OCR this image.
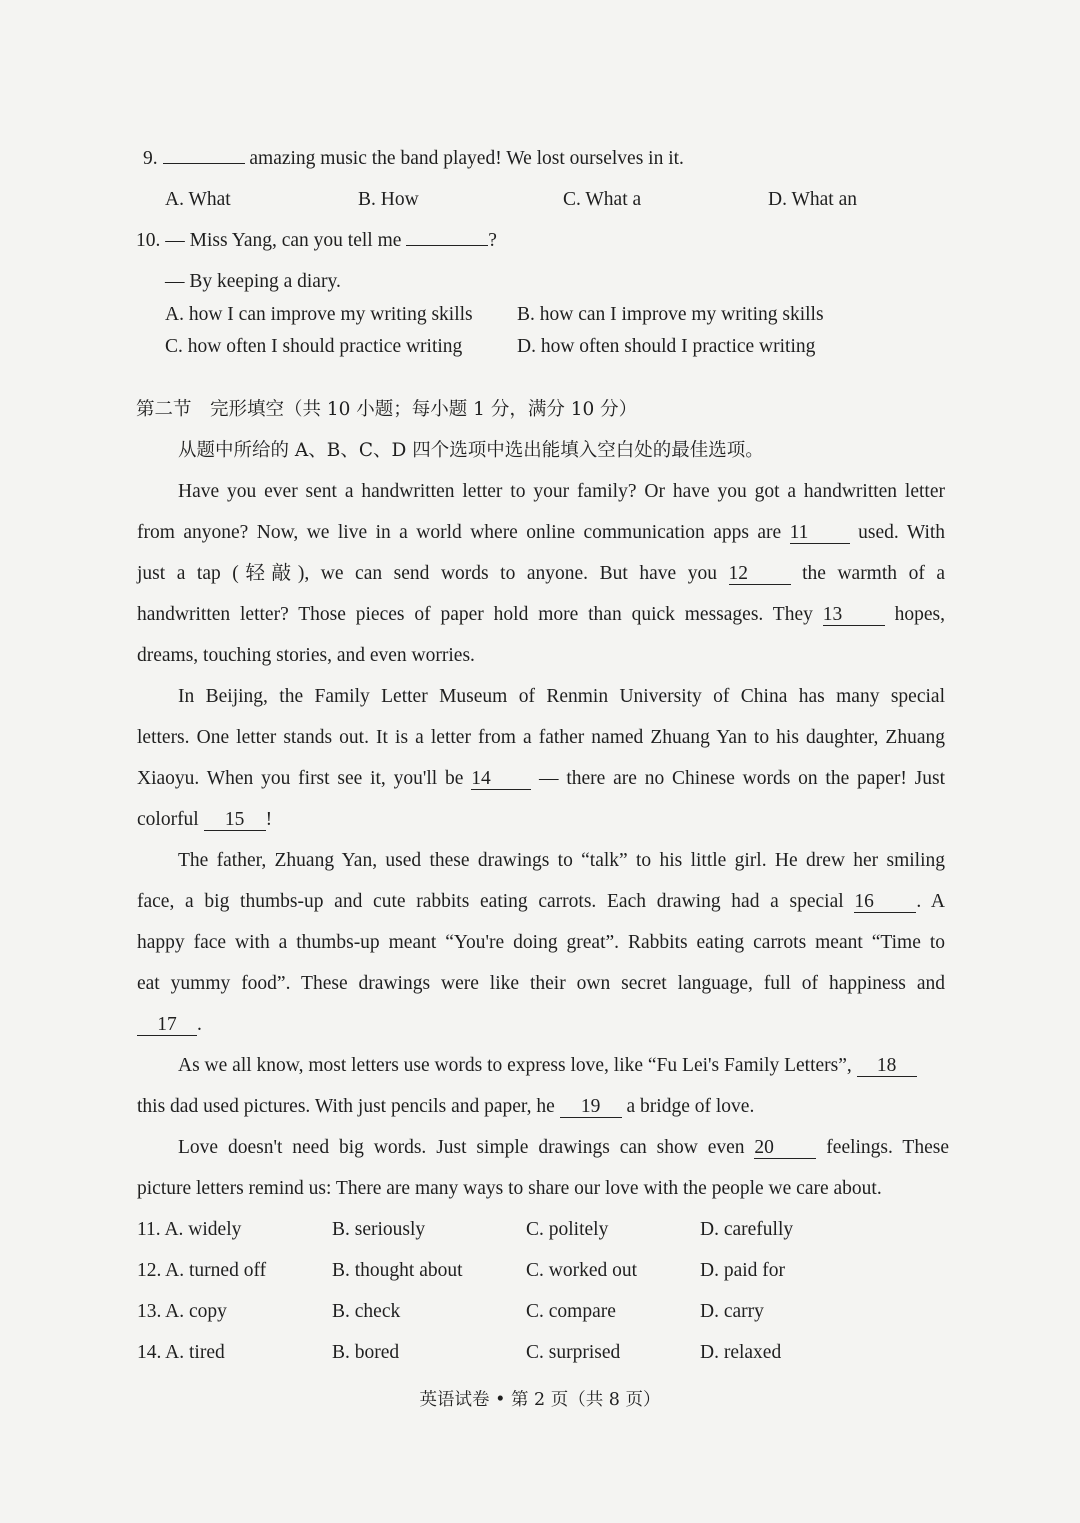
9.	amazing music the band played! We lost ourselves in it.
A. What	B. How	C. What a	D. What an
10. — Miss Yang, can you tell me	?
— By keeping a diary.
A. how I can improve my writing skills B. how can I improve my writing skills
C. how often I should practice writing	D. how often should I practice writing
第二节　完形填空（共 10 小题；每小题 1 分，满分 10 分）
从题中所给的 A、B、C、D 四个选项中选出能填入空白处的最佳选项。
Have you ever sent a handwritten letter to your family? Or have you got a handwritten letter
from anyone? Now, we live in a world where online communication apps are 11	used. With
just a tap (轻敲), we can send words to anyone. But have you 12	the warmth of a
handwritten letter? Those pieces of paper hold more than quick messages. They 13	hopes,
dreams, touching stories, and even worries.
In Beijing, the Family Letter Museum of Renmin University of China has many special
letters. One letter stands out. It is a letter from a father named Zhuang Yan to his daughter, Zhuang
Xiaoyu. When you first see it, you'll be 14 — there are no Chinese words on the paper! Just
colorful 15 !
The father, Zhuang Yan, used these drawings to “talk” to his little girl. He drew her smiling
face, a big thumbs-up and cute rabbits eating carrots. Each drawing had a special 16 . A
happy face with a thumbs-up meant “You're doing great”. Rabbits eating carrots meant “Time to
eat yummy food”. These drawings were like their own secret language, full of happiness and
17 .
As we all know, most letters use words to express love, like “Fu Lei's Family Letters”, 18
this dad used pictures. With just pencils and paper, he 19 a bridge of love.
Love doesn't need big words. Just simple drawings can show even 20	feelings. These
picture letters remind us: There are many ways to share our love with the people we care about.
11. A. widely	B. seriously	C. politely	D. carefully
12. A. turned off	B. thought about	C. worked out	D. paid for
13. A. copy	B. check	C. compare	D. carry
14. A. tired	B. bored	C. surprised	D. relaxed
英语试卷 • 第 2 页（共 8 页）
